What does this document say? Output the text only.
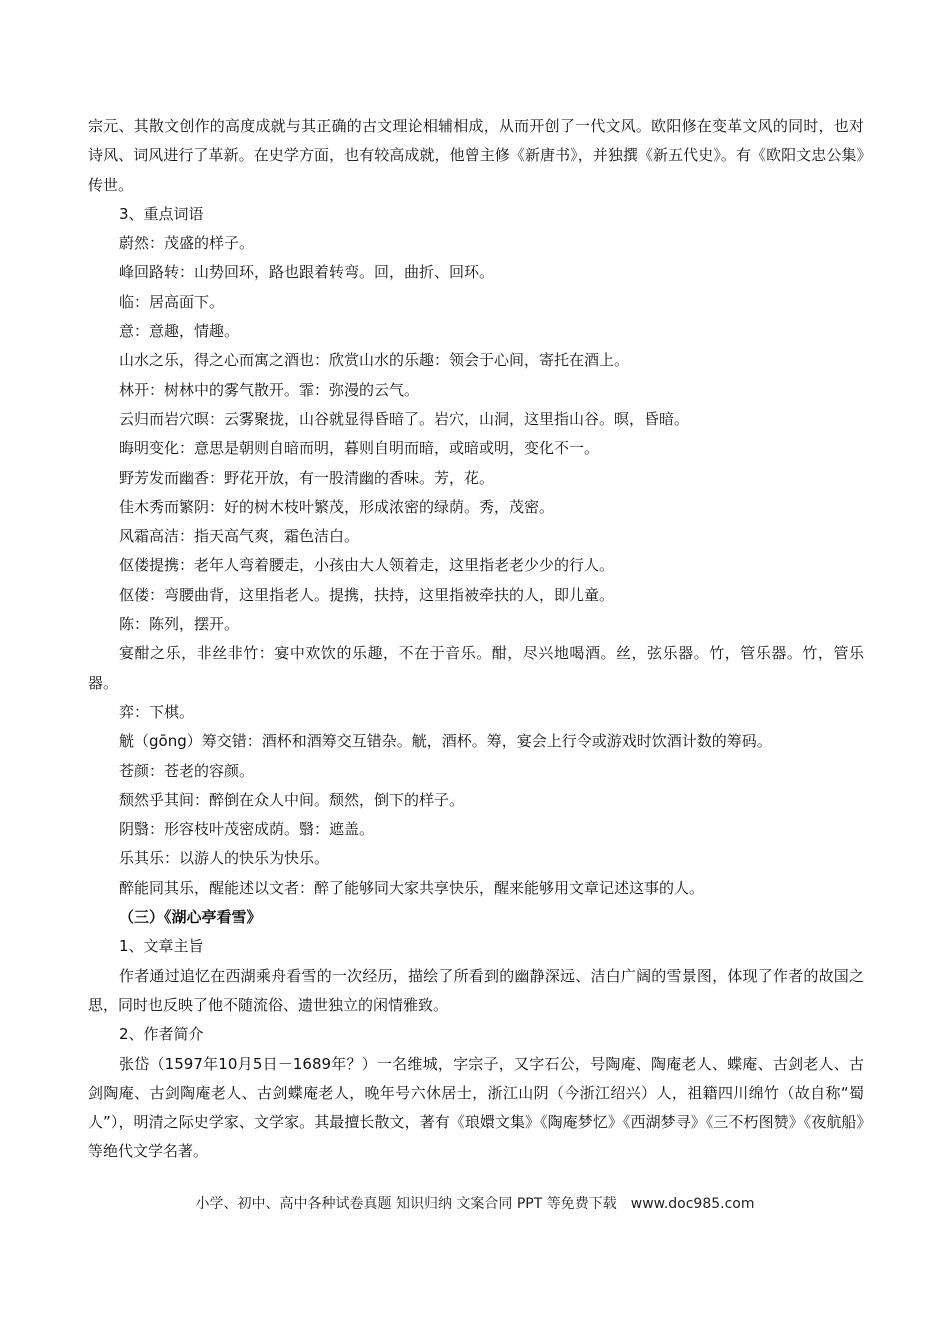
宗元、其散文创作的高度成就与其正确的古文理论相辅相成，从而开创了一代文风。欧阳修在变革文风的同时，也对诗风、词风进行了革新。在史学方面，也有较高成就，他曾主修《新唐书》，并独撰《新五代史》。有《欧阳文忠公集》传世。

3、重点词语

蔚然：茂盛的样子。

峰回路转：山势回环，路也跟着转弯。回，曲折、回环。

临：居高面下。

意：意趣，情趣。

山水之乐，得之心而寓之酒也：欣赏山水的乐趣：领会于心间，寄托在酒上。

林开：树林中的雾气散开。霏：弥漫的云气。

云归而岩穴暝：云雾聚拢，山谷就显得昏暗了。岩穴，山洞，这里指山谷。暝，昏暗。

晦明变化：意思是朝则自暗而明，暮则自明而暗，或暗或明，变化不一。

野芳发而幽香：野花开放，有一股清幽的香味。芳，花。

佳木秀而繁阴：好的树木枝叶繁茂，形成浓密的绿荫。秀，茂密。

风霜高洁：指天高气爽，霜色洁白。

伛偻提携：老年人弯着腰走，小孩由大人领着走，这里指老老少少的行人。

伛偻：弯腰曲背，这里指老人。提携，扶持，这里指被牵扶的人，即儿童。

陈：陈列，摆开。

宴酣之乐，非丝非竹：宴中欢饮的乐趣，不在于音乐。酣，尽兴地喝酒。丝，弦乐器。竹，管乐器。竹，管乐器。

弈：下棋。

觥（gōng）筹交错：酒杯和酒筹交互错杂。觥，酒杯。筹，宴会上行令或游戏时饮酒计数的筹码。

苍颜：苍老的容颜。

颓然乎其间：醉倒在众人中间。颓然，倒下的样子。

阴翳：形容枝叶茂密成荫。翳：遮盖。

乐其乐：以游人的快乐为快乐。

醉能同其乐，醒能述以文者：醉了能够同大家共享快乐，醒来能够用文章记述这事的人。

（三）《湖心亭看雪》

1、文章主旨

作者通过追忆在西湖乘舟看雪的一次经历，描绘了所看到的幽静深远、洁白广阔的雪景图，体现了作者的故国之思，同时也反映了他不随流俗、遗世独立的闲情雅致。

2、作者简介

张岱（1597年10月5日－1689年？）一名维城，字宗子，又字石公，号陶庵、陶庵老人、蝶庵、古剑老人、古剑陶庵、古剑陶庵老人、古剑蝶庵老人，晚年号六休居士，浙江山阴（今浙江绍兴）人，祖籍四川绵竹（故自称“蜀人”），明清之际史学家、文学家。其最擅长散文，著有《琅嬛文集》《陶庵梦忆》《西湖梦寻》《三不朽图赞》《夜航船》等绝代文学名著。

小学、初中、高中各种试卷真题 知识归纳 文案合同 PPT 等免费下载 www.doc985.com
